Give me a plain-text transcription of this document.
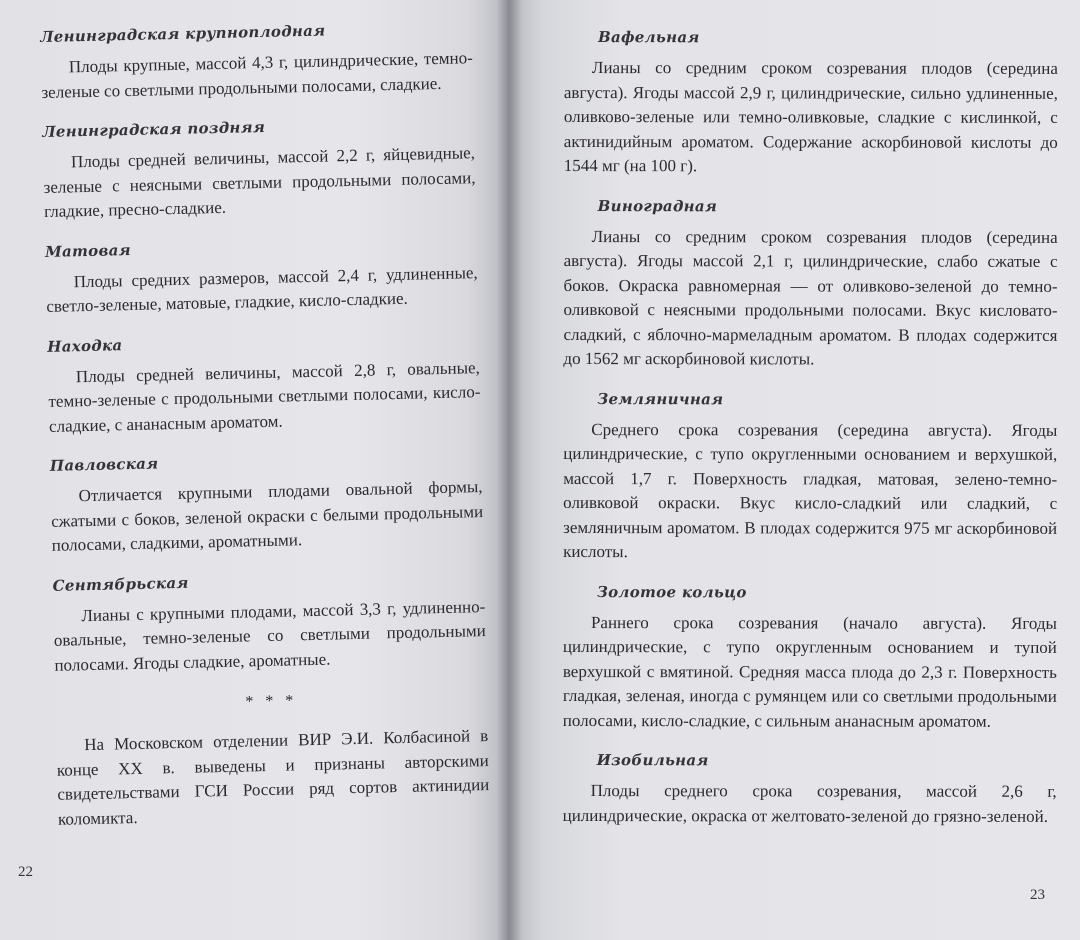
Ленинградская крупноплодная

Плоды крупные, массой 4,3 г, цилиндрические, темно-зеленые со светлыми продольными полосами, сладкие.

Ленинградская поздняя

Плоды средней величины, массой 2,2 г, яйцевидные, зеленые с неясными светлыми продольными полосами, гладкие, пресно-сладкие.

Матовая

Плоды средних размеров, массой 2,4 г, удлиненные, светло-зеленые, матовые, гладкие, кисло-сладкие.

Находка

Плоды средней величины, массой 2,8 г, овальные, темно-зеленые с продольными светлыми полосами, кисло-сладкие, с ананасным ароматом.

Павловская

Отличается крупными плодами овальной формы, сжатыми с боков, зеленой окраски с белыми продольными полосами, сладкими, ароматными.

Сентябрьская

Лианы с крупными плодами, массой 3,3 г, удлиненно-овальные, темно-зеленые со светлыми продольными полосами. Ягоды сладкие, ароматные.

* * *

На Московском отделении ВИР Э.И. Колбасиной в конце XX в. выведены и признаны авторскими свидетельствами ГСИ России ряд сортов актинидии коломикта.

Вафельная

Лианы со средним сроком созревания плодов (середина августа). Ягоды массой 2,9 г, цилиндрические, сильно удлиненные, оливково-зеленые или темно-оливковые, сладкие с кислинкой, с актинидийным ароматом. Содержание аскорбиновой кислоты до 1544 мг (на 100 г).

Виноградная

Лианы со средним сроком созревания плодов (середина августа). Ягоды массой 2,1 г, цилиндрические, слабо сжатые с боков. Окраска равномерная — от оливково-зеленой до темно-оливковой с неясными продольными полосами. Вкус кисловато-сладкий, с яблочно-мармеладным ароматом. В плодах содержится до 1562 мг аскорбиновой кислоты.

Земляничная

Среднего срока созревания (середина августа). Ягоды цилиндрические, с тупо округленными основанием и верхушкой, массой 1,7 г. Поверхность гладкая, матовая, зелено-темно-оливковой окраски. Вкус кисло-сладкий или сладкий, с земляничным ароматом. В плодах содержится 975 мг аскорбиновой кислоты.

Золотое кольцо

Раннего срока созревания (начало августа). Ягоды цилиндрические, с тупо округленным основанием и тупой верхушкой с вмятиной. Средняя масса плода до 2,3 г. Поверхность гладкая, зеленая, иногда с румянцем или со светлыми продольными полосами, кисло-сладкие, с сильным ананасным ароматом.

Изобильная

Плоды среднего срока созревания, массой 2,6 г, цилиндрические, окраска от желтовато-зеленой до грязно-зеленой.

22
23
